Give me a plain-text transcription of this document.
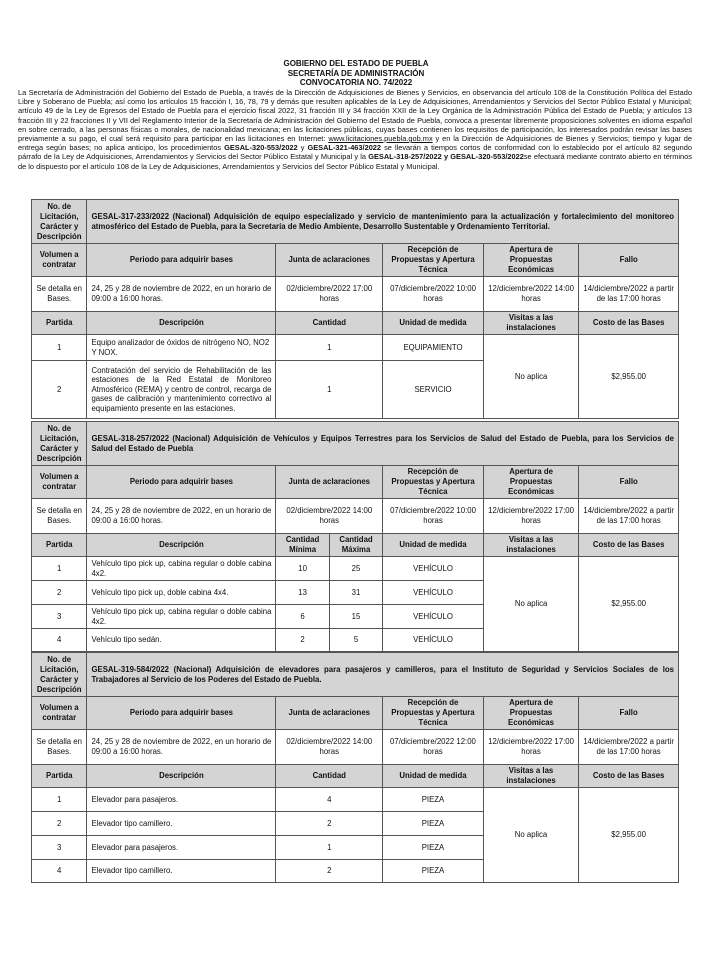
GOBIERNO DEL ESTADO DE PUEBLA
SECRETARÍA DE ADMINISTRACIÓN
CONVOCATORIA NO. 74/2022
La Secretaría de Administración del Gobierno del Estado de Puebla, a través de la Dirección de Adquisiciones de Bienes y Servicios, en observancia del artículo 108 de la Constitución Política del Estado Libre y Soberano de Puebla; así como los artículos 15 fracción I, 16, 78, 79 y demás que resulten aplicables de la Ley de Adquisiciones, Arrendamientos y Servicios del Sector Público Estatal y Municipal; artículo 49 de la Ley de Egresos del Estado de Puebla para el ejercicio fiscal 2022, 31 fracción III y 34 fracción XXII de la Ley Orgánica de la Administración Pública del Estado de Puebla; y artículos 13 fracción III y 22 fracciones II y VII del Reglamento Interior de la Secretaría de Administración del Gobierno del Estado de Puebla, convoca a presentar libremente proposiciones solventes en idioma español en sobre cerrado, a las personas físicas o morales, de nacionalidad mexicana; en las licitaciones públicas, cuyas bases contienen los requisitos de participación, los interesados podrán revisar las bases previamente a su pago, el cual será requisito para participar en las licitaciones en Internet: www.licitaciones.puebla.gob.mx y en la Dirección de Adquisiciones de Bienes y Servicios; tiempo y lugar de entrega según bases; no aplica anticipo, los procedimientos GESAL-320-553/2022 y GESAL-321-463/2022 se llevarán a tiempos cortos de conformidad con lo establecido por el artículo 82 segundo párrafo de la Ley de Adquisiciones, Arrendamientos y Servicios del Sector Público Estatal y Municipal y la GESAL-318-257/2022 y GESAL-320-553/2022se efectuará mediante contrato abierto en términos de lo dispuesto por el artículo 108 de la Ley de Adquisiciones, Arrendamientos y Servicios del Sector Público Estatal y Municipal.
No. de Licitación, Carácter y Descripción	GESAL-317-233/2022 (Nacional) Adquisición de equipo especializado y servicio de mantenimiento para la actualización y fortalecimiento del monitoreo atmosférico del Estado de Puebla, para la Secretaría de Medio Ambiente, Desarrollo Sustentable y Ordenamiento Territorial.				
Volumen a contratar	Periodo para adquirir bases	Junta de aclaraciones	Recepción de Propuestas y Apertura Técnica	Apertura de Propuestas Económicas	Fallo
Se detalla en Bases.	24, 25 y 28 de noviembre de 2022, en un horario de 09:00 a 16:00 horas.	02/diciembre/2022 17:00 horas	07/diciembre/2022 10:00 horas	12/diciembre/2022 14:00 horas	14/diciembre/2022 a partir de las 17:00 horas
Partida	Descripción	Cantidad	Unidad de medida	Visitas a las instalaciones	Costo de las Bases
1	Equipo analizador de óxidos de nitrógeno NO, NO2 Y NOX.	1	EQUIPAMIENTO	No aplica	$2,955.00
2	Contratación del servicio de Rehabilitación de las estaciones de la Red Estatal de Monitoreo Atmosférico (REMA) y centro de control, recarga de gases de calibración y mantenimiento correctivo al equipamiento presente en las estaciones.	1	SERVICIO		
No. de Licitación, Carácter y Descripción	GESAL-318-257/2022 (Nacional) Adquisición de Vehículos y Equipos Terrestres para los Servicios de Salud del Estado de Puebla, para los Servicios de Salud del Estado de Puebla					
Volumen a contratar	Periodo para adquirir bases	Junta de aclaraciones		Recepción de Propuestas y Apertura Técnica	Apertura de Propuestas Económicas	Fallo
Se detalla en Bases.	24, 25 y 28 de noviembre de 2022, en un horario de 09:00 a 16:00 horas.	02/diciembre/2022 14:00 horas		07/diciembre/2022 10:00 horas	12/diciembre/2022 17:00 horas	14/diciembre/2022 a partir de las 17:00 horas
Partida	Descripción	Cantidad Mínima	Cantidad Máxima	Unidad de medida	Visitas a las instalaciones	Costo de las Bases
1	Vehículo tipo pick up, cabina regular o doble cabina 4x2.	10	25	VEHÍCULO	No aplica	$2,955.00
2	Vehículo tipo pick up, doble cabina 4x4.	13	31	VEHÍCULO		
3	Vehículo tipo pick up, cabina regular o doble cabina 4x2.	6	15	VEHÍCULO		
4	Vehículo tipo sedán.	2	5	VEHÍCULO		
No. de Licitación, Carácter y Descripción	GESAL-319-584/2022 (Nacional) Adquisición de elevadores para pasajeros y camilleros, para el Instituto de Seguridad y Servicios Sociales de los Trabajadores al Servicio de los Poderes del Estado de Puebla.				
Volumen a contratar	Periodo para adquirir bases	Junta de aclaraciones	Recepción de Propuestas y Apertura Técnica	Apertura de Propuestas Económicas	Fallo
Se detalla en Bases.	24, 25 y 28 de noviembre de 2022, en un horario de 09:00 a 16:00 horas.	02/diciembre/2022 14:00 horas	07/diciembre/2022 12:00 horas	12/diciembre/2022 17:00 horas	14/diciembre/2022 a partir de las 17:00 horas
Partida	Descripción	Cantidad	Unidad de medida	Visitas a las instalaciones	Costo de las Bases
1	Elevador para pasajeros.	4	PIEZA	No aplica	$2,955.00
2	Elevador tipo camillero.	2	PIEZA		
3	Elevador para pasajeros.	1	PIEZA		
4	Elevador tipo camillero.	2	PIEZA		
